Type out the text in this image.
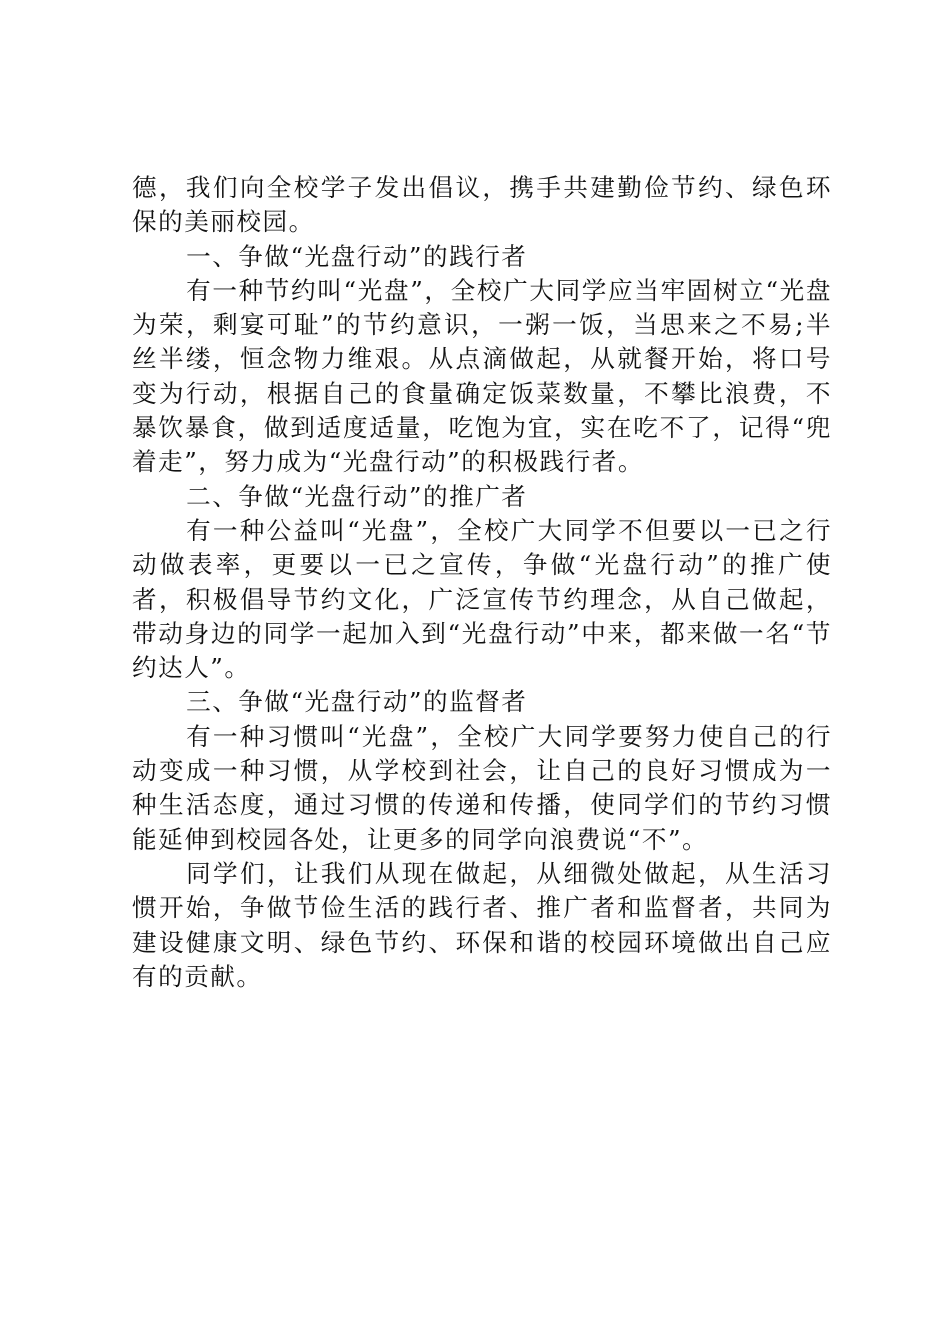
德，我们向全校学子发出倡议，携手共建勤俭节约、绿色环保的美丽校园。

一、争做“光盘行动”的践行者

有一种节约叫“光盘”，全校广大同学应当牢固树立“光盘为荣，剩宴可耻”的节约意识，一粥一饭，当思来之不易;半丝半缕，恒念物力维艰。从点滴做起，从就餐开始，将口号变为行动，根据自己的食量确定饭菜数量，不攀比浪费，不暴饮暴食，做到适度适量，吃饱为宜，实在吃不了，记得“兜着走”，努力成为“光盘行动”的积极践行者。

二、争做“光盘行动”的推广者

有一种公益叫“光盘”，全校广大同学不但要以一已之行动做表率，更要以一已之宣传，争做“光盘行动”的推广使者，积极倡导节约文化，广泛宣传节约理念，从自己做起，带动身边的同学一起加入到“光盘行动”中来，都来做一名“节约达人”。

三、争做“光盘行动”的监督者

有一种习惯叫“光盘”，全校广大同学要努力使自己的行动变成一种习惯，从学校到社会，让自己的良好习惯成为一种生活态度，通过习惯的传递和传播，使同学们的节约习惯能延伸到校园各处，让更多的同学向浪费说“不”。

同学们，让我们从现在做起，从细微处做起，从生活习惯开始，争做节俭生活的践行者、推广者和监督者，共同为建设健康文明、绿色节约、环保和谐的校园环境做出自己应有的贡献。
